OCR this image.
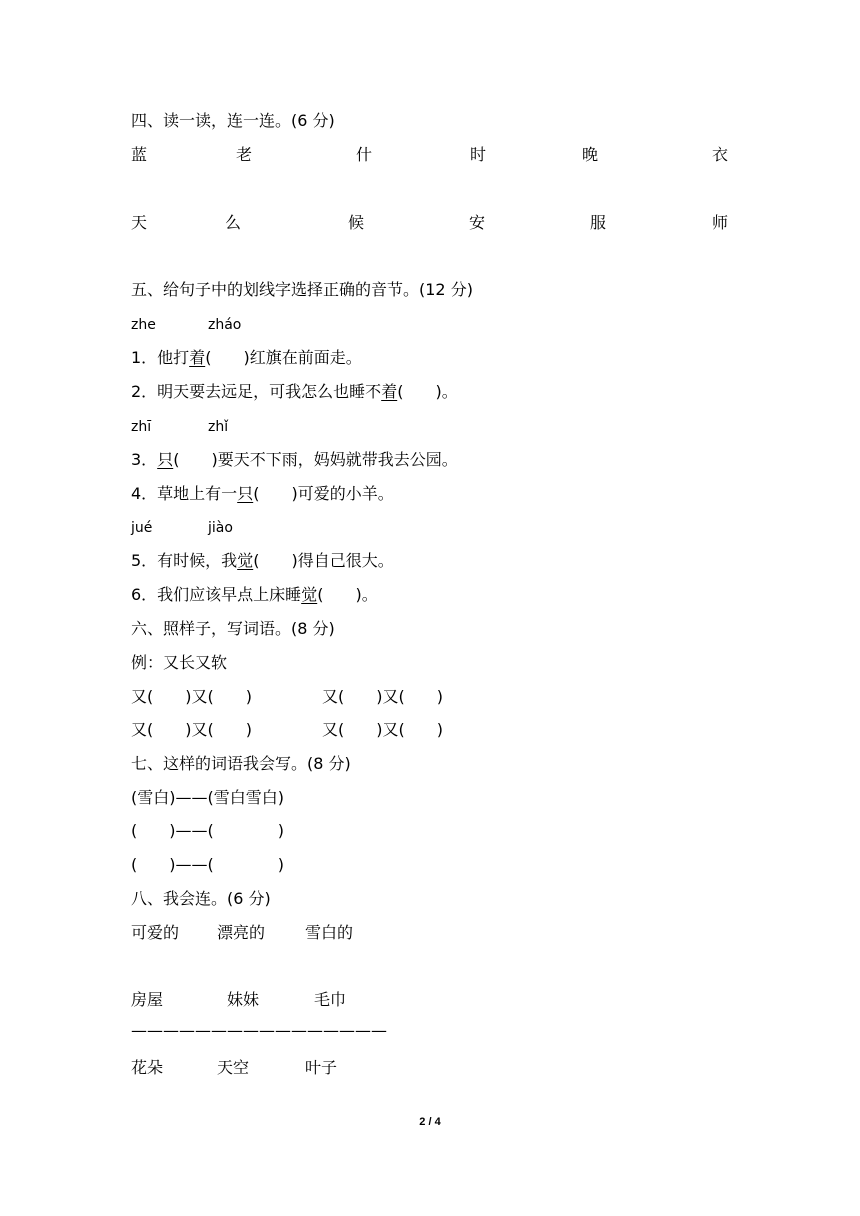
四、读一读，连一连。(6 分)
蓝	老	什	时	晚	衣
天	么	候	安	服	师
五、给句子中的划线字选择正确的音节。(12 分)
zhe	zháo
1．他打着(　　)红旗在前面走。
2．明天要去远足，可我怎么也睡不着(　　)。
zhī	zhǐ
3．只(　　)要天不下雨，妈妈就带我去公园。
4．草地上有一只(　　)可爱的小羊。
jué	jiào
5．有时候，我觉(　　)得自己很大。
6．我们应该早点上床睡觉(　　)。
六、照样子，写词语。(8 分)
例：又长又软
又(　　)又(　　)	又(　　)又(　　)
又(　　)又(　　)	又(　　)又(　　)
七、这样的词语我会写。(8 分)
(雪白)——(雪白雪白)
(　　)——(　　　　)
(　　)——(　　　　)
八、我会连。(6 分)
可爱的 漂亮的 雪白的
房屋	妹妹	毛巾
————————————————
花朵	天空	叶子
2 / 4
